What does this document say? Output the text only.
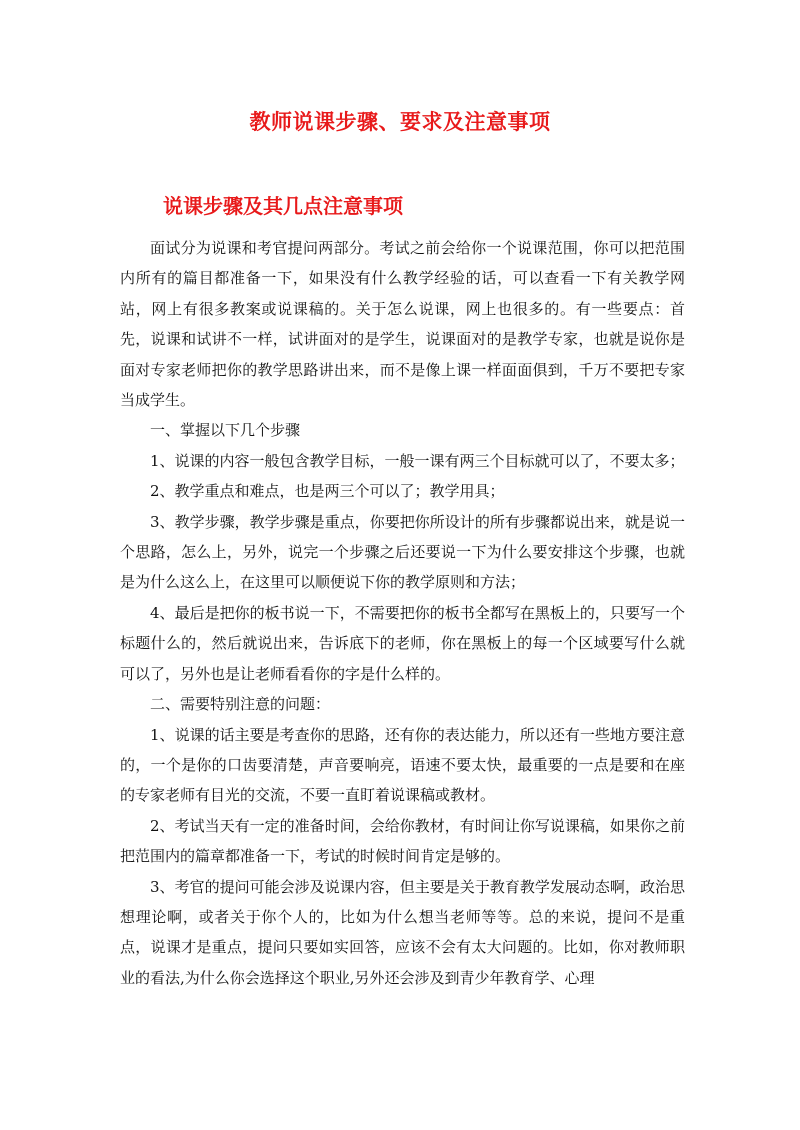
教师说课步骤、要求及注意事项
说课步骤及其几点注意事项

面试分为说课和考官提问两部分。考试之前会给你一个说课范围，你可以把范围内所有的篇目都准备一下，如果没有什么教学经验的话，可以查看一下有关教学网站，网上有很多教案或说课稿的。关于怎么说课，网上也很多的。有一些要点：首先，说课和试讲不一样，试讲面对的是学生，说课面对的是教学专家，也就是说你是面对专家老师把你的教学思路讲出来，而不是像上课一样面面俱到，千万不要把专家当成学生。

一、掌握以下几个步骤

1、说课的内容一般包含教学目标，一般一课有两三个目标就可以了，不要太多；

2、教学重点和难点，也是两三个可以了；教学用具；

3、教学步骤，教学步骤是重点，你要把你所设计的所有步骤都说出来，就是说一个思路，怎么上，另外，说完一个步骤之后还要说一下为什么要安排这个步骤，也就是为什么这么上，在这里可以顺便说下你的教学原则和方法；

4、最后是把你的板书说一下，不需要把你的板书全都写在黑板上的，只要写一个标题什么的，然后就说出来，告诉底下的老师，你在黑板上的每一个区域要写什么就可以了，另外也是让老师看看你的字是什么样的。

二、需要特别注意的问题：

1、说课的话主要是考查你的思路，还有你的表达能力，所以还有一些地方要注意的，一个是你的口齿要清楚，声音要响亮，语速不要太快，最重要的一点是要和在座的专家老师有目光的交流，不要一直盯着说课稿或教材。

2、考试当天有一定的准备时间，会给你教材，有时间让你写说课稿，如果你之前把范围内的篇章都准备一下，考试的时候时间肯定是够的。

3、考官的提问可能会涉及说课内容，但主要是关于教育教学发展动态啊，政治思想理论啊，或者关于你个人的，比如为什么想当老师等等。总的来说，提问不是重点，说课才是重点，提问只要如实回答，应该不会有太大问题的。比如，你对教师职业的看法,为什么你会选择这个职业,另外还会涉及到青少年教育学、心理
